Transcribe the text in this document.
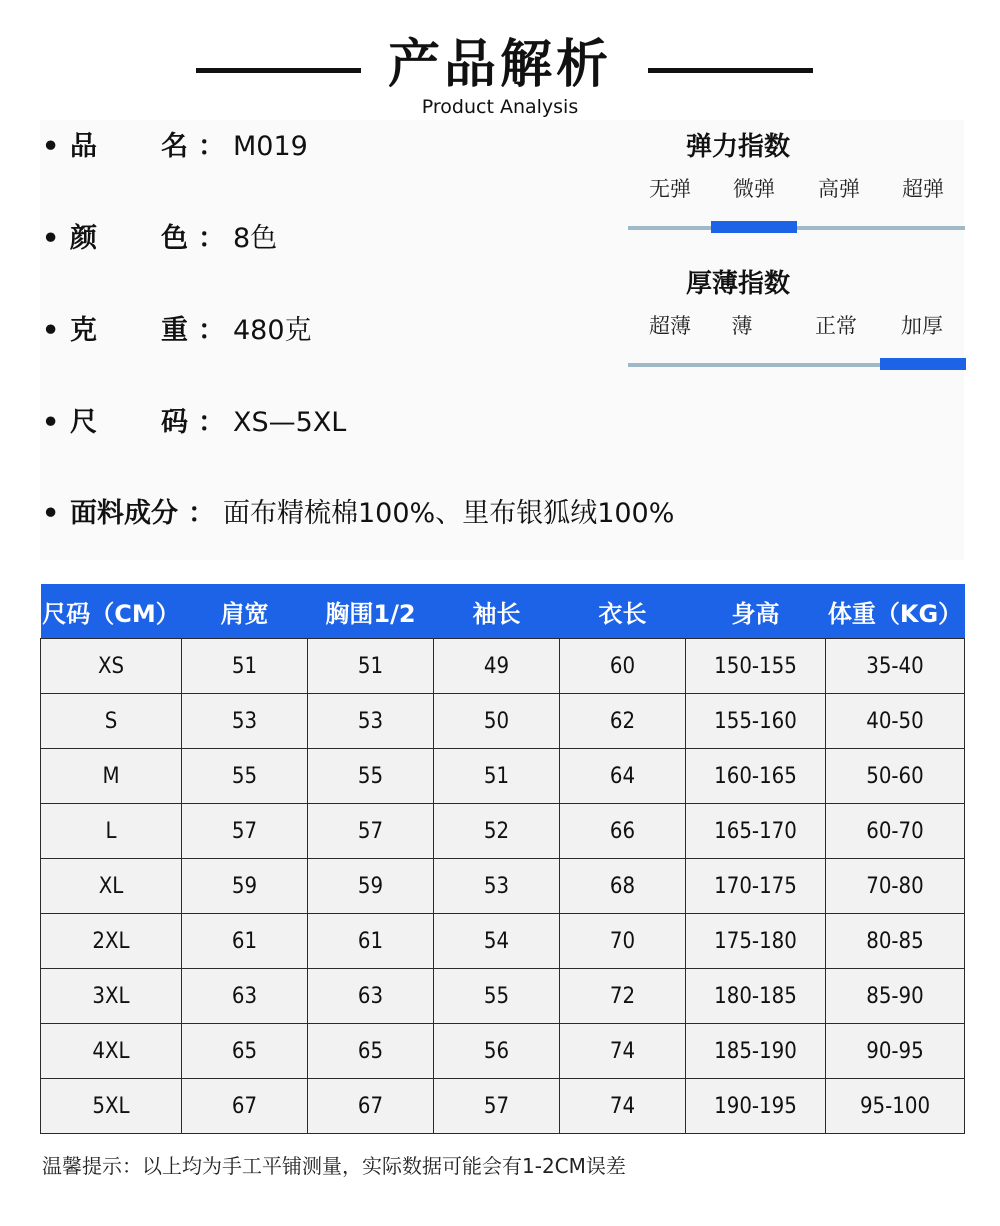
产品解析
Product Analysis
• 品名 ： M019
• 颜色 ： 8色
• 克重 ： 480克
• 尺码 ： XS—5XL
• 面料成分 ： 面布精梳棉100%、里布银狐绒100%
弹力指数
无弹	微弹	高弹	超弹
厚薄指数
超薄	薄	正常	加厚
尺码（CM）	肩宽	胸围1/2	袖长	衣长	身高	体重（KG）
XS	51	51	49	60	150-155	35-40
S	53	53	50	62	155-160	40-50
M	55	55	51	64	160-165	50-60
L	57	57	52	66	165-170	60-70
XL	59	59	53	68	170-175	70-80
2XL	61	61	54	70	175-180	80-85
3XL	63	63	55	72	180-185	85-90
4XL	65	65	56	74	185-190	90-95
5XL	67	67	57	74	190-195	95-100
温馨提示：以上均为手工平铺测量，实际数据可能会有1-2CM误差
